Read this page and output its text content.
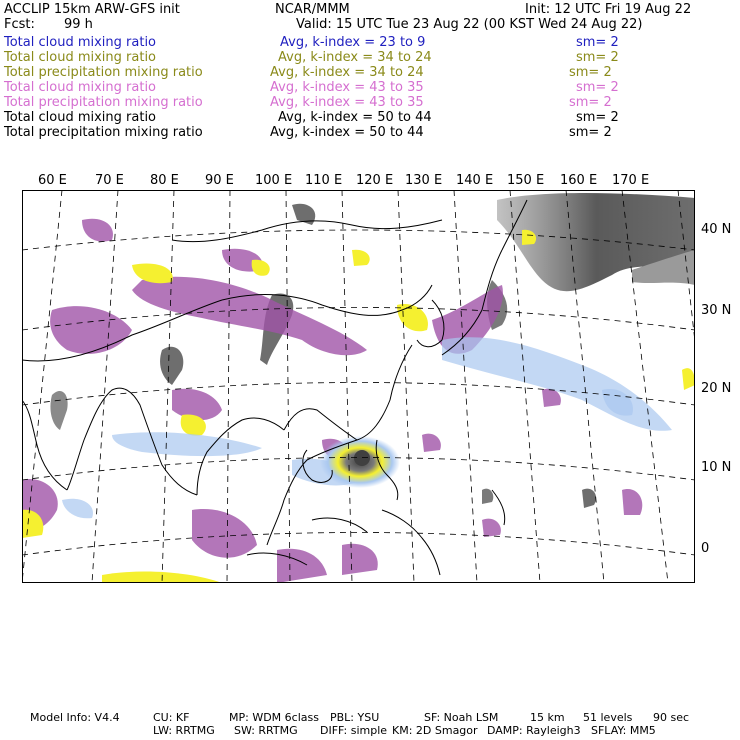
ACCLIP 15km ARW-GFS init	NCAR/MMM	Init: 12 UTC Fri 19 Aug 22
Fcst: 99 h	Valid: 15 UTC Tue 23 Aug 22 (00 KST Wed 24 Aug 22)
Total cloud mixing ratio	Avg, k-index = 23 to 9	sm= 2
Total cloud mixing ratio	Avg, k-index = 34 to 24	sm= 2
Total precipitation mixing ratio	Avg, k-index = 34 to 24	sm= 2
Total cloud mixing ratio	Avg, k-index = 43 to 35	sm= 2
Total precipitation mixing ratio	Avg, k-index = 43 to 35	sm= 2
Total cloud mixing ratio	Avg, k-index = 50 to 44	sm= 2
Total precipitation mixing ratio	Avg, k-index = 50 to 44	sm= 2
60 E 70 E 80 E 90 E 100 E 110 E 120 E 130 E 140 E 150 E 160 E 170 E
40 N
30 N
20 N
10 N
0
Model Info: V4.4	CU: KF	MP: WDM 6class PBL: YSU	SF: Noah LSM	15 km 51 levels 90 sec
LW: RRTMG SW: RRTMG DIFF: simple KM: 2D Smagor DAMP: Rayleigh3 SFLAY: MM5
